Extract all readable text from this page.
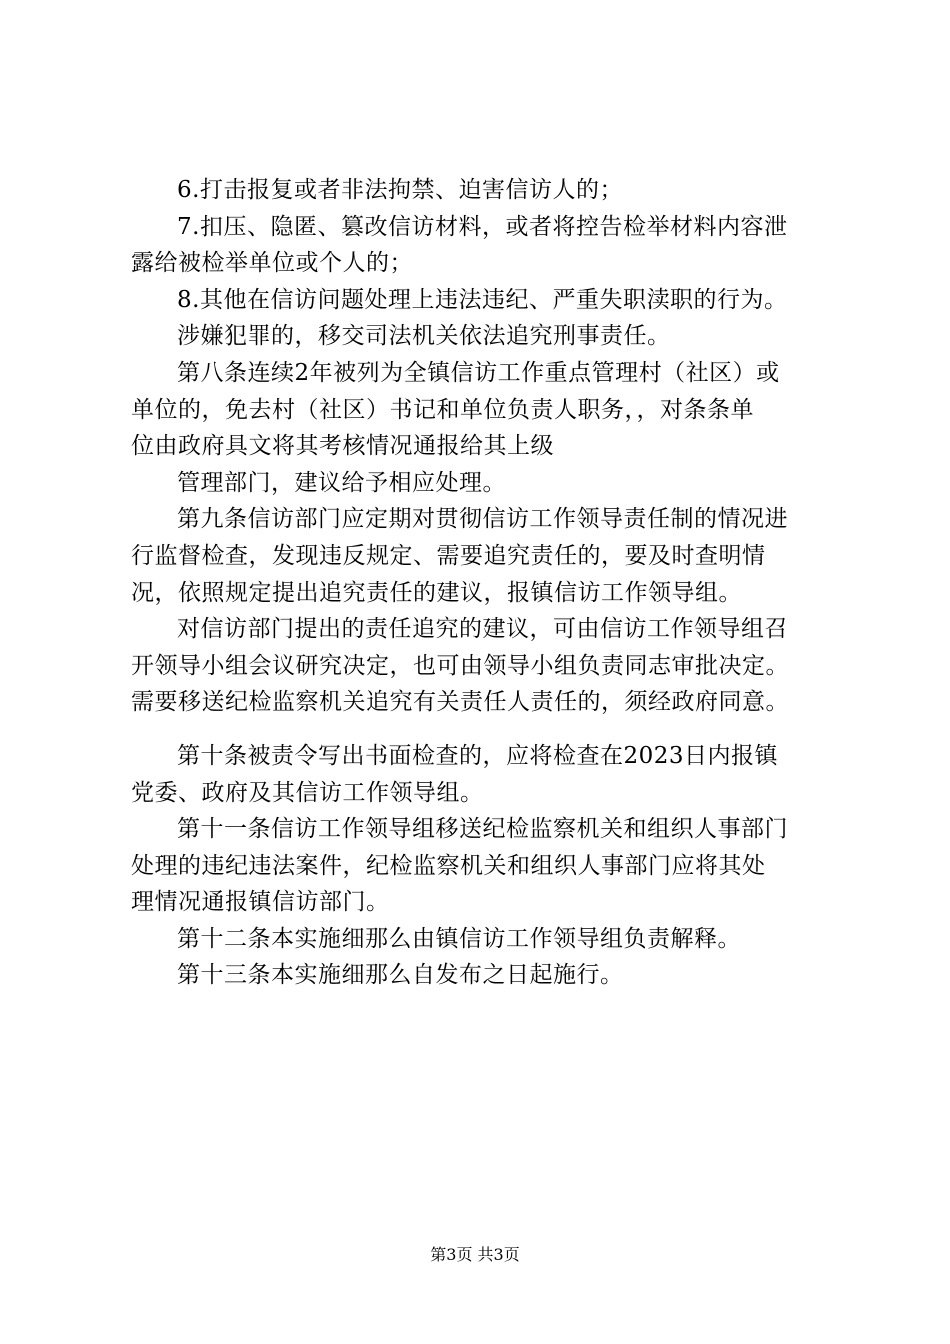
6.打击报复或者非法拘禁、迫害信访人的；
7.扣压、隐匿、篡改信访材料，或者将控告检举材料内容泄
露给被检举单位或个人的；
8.其他在信访问题处理上违法违纪、严重失职渎职的行为。
涉嫌犯罪的，移交司法机关依法追究刑事责任。
第八条连续2年被列为全镇信访工作重点管理村（社区）或
单位的，免去村（社区）书记和单位负责人职务，，对条条单
位由政府具文将其考核情况通报给其上级
管理部门，建议给予相应处理。
第九条信访部门应定期对贯彻信访工作领导责任制的情况进
行监督检查，发现违反规定、需要追究责任的，要及时查明情
况，依照规定提出追究责任的建议，报镇信访工作领导组。
对信访部门提出的责任追究的建议，可由信访工作领导组召
开领导小组会议研究决定，也可由领导小组负责同志审批决定。
需要移送纪检监察机关追究有关责任人责任的，须经政府同意。
第十条被责令写出书面检查的，应将检查在2023日内报镇
党委、政府及其信访工作领导组。
第十一条信访工作领导组移送纪检监察机关和组织人事部门
处理的违纪违法案件，纪检监察机关和组织人事部门应将其处
理情况通报镇信访部门。
第十二条本实施细那么由镇信访工作领导组负责解释。
第十三条本实施细那么自发布之日起施行。
第3页 共3页
